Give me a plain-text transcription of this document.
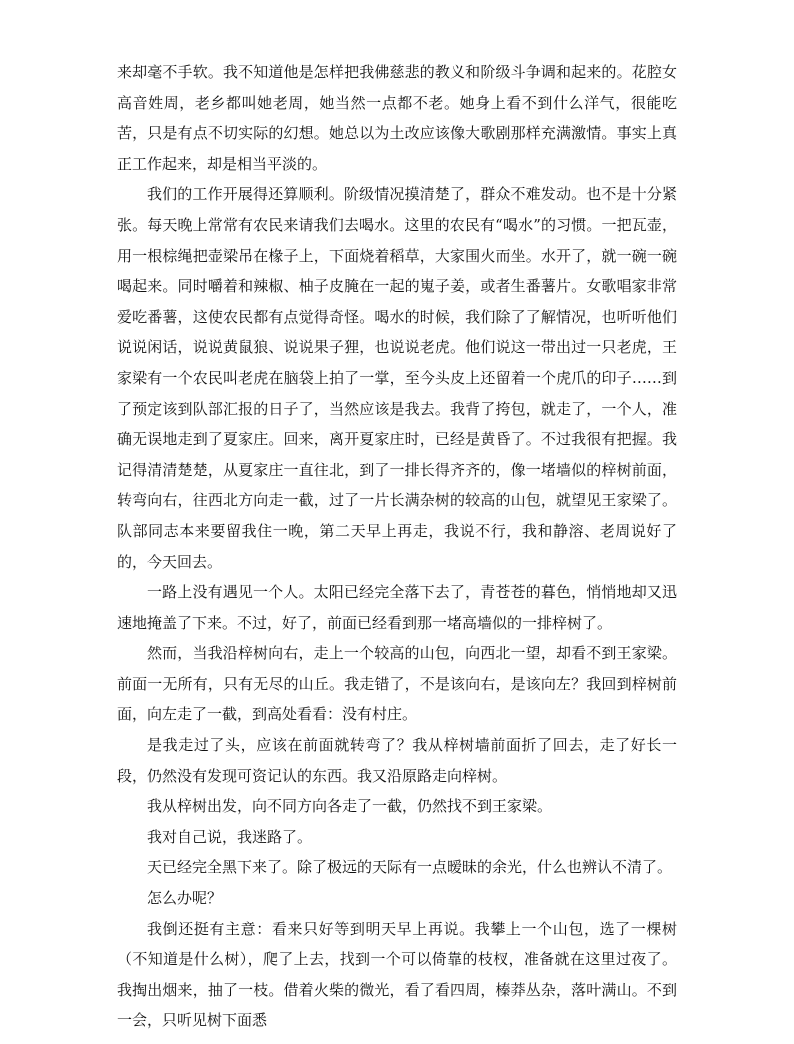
来却毫不手软。我不知道他是怎样把我佛慈悲的教义和阶级斗争调和起来的。花腔女高音姓周，老乡都叫她老周，她当然一点都不老。她身上看不到什么洋气，很能吃苦，只是有点不切实际的幻想。她总以为土改应该像大歌剧那样充满激情。事实上真正工作起来，却是相当平淡的。

我们的工作开展得还算顺利。阶级情况摸清楚了，群众不难发动。也不是十分紧张。每天晚上常常有农民来请我们去喝水。这里的农民有“喝水”的习惯。一把瓦壶，用一根棕绳把壶梁吊在椽子上，下面烧着稻草，大家围火而坐。水开了，就一碗一碗喝起来。同时嚼着和辣椒、柚子皮腌在一起的嵬子姜，或者生番薯片。女歌唱家非常爱吃番薯，这使农民都有点觉得奇怪。喝水的时候，我们除了了解情况，也听听他们说说闲话，说说黄鼠狼、说说果子狸，也说说老虎。他们说这一带出过一只老虎，王家梁有一个农民叫老虎在脑袋上拍了一掌，至今头皮上还留着一个虎爪的印子……到了预定该到队部汇报的日子了，当然应该是我去。我背了挎包，就走了，一个人，准确无误地走到了夏家庄。回来，离开夏家庄时，已经是黄昏了。不过我很有把握。我记得清清楚楚，从夏家庄一直往北，到了一排长得齐齐的，像一堵墙似的梓树前面，转弯向右，往西北方向走一截，过了一片长满杂树的较高的山包，就望见王家梁了。队部同志本来要留我住一晚，第二天早上再走，我说不行，我和静溶、老周说好了的，今天回去。

一路上没有遇见一个人。太阳已经完全落下去了，青苍苍的暮色，悄悄地却又迅速地掩盖了下来。不过，好了，前面已经看到那一堵高墙似的一排梓树了。

然而，当我沿梓树向右，走上一个较高的山包，向西北一望，却看不到王家梁。前面一无所有，只有无尽的山丘。我走错了，不是该向右，是该向左？我回到梓树前面，向左走了一截，到高处看看：没有村庄。

是我走过了头，应该在前面就转弯了？我从梓树墙前面折了回去，走了好长一段，仍然没有发现可资记认的东西。我又沿原路走向梓树。

我从梓树出发，向不同方向各走了一截，仍然找不到王家梁。

我对自己说，我迷路了。

天已经完全黑下来了。除了极远的天际有一点暧昧的余光，什么也辨认不清了。

怎么办呢？

我倒还挺有主意：看来只好等到明天早上再说。我攀上一个山包，选了一棵树（不知道是什么树），爬了上去，找到一个可以倚靠的枝杈，准备就在这里过夜了。我掏出烟来，抽了一枝。借着火柴的微光，看了看四周，榛莽丛杂，落叶满山。不到一会，只听见树下面悉
